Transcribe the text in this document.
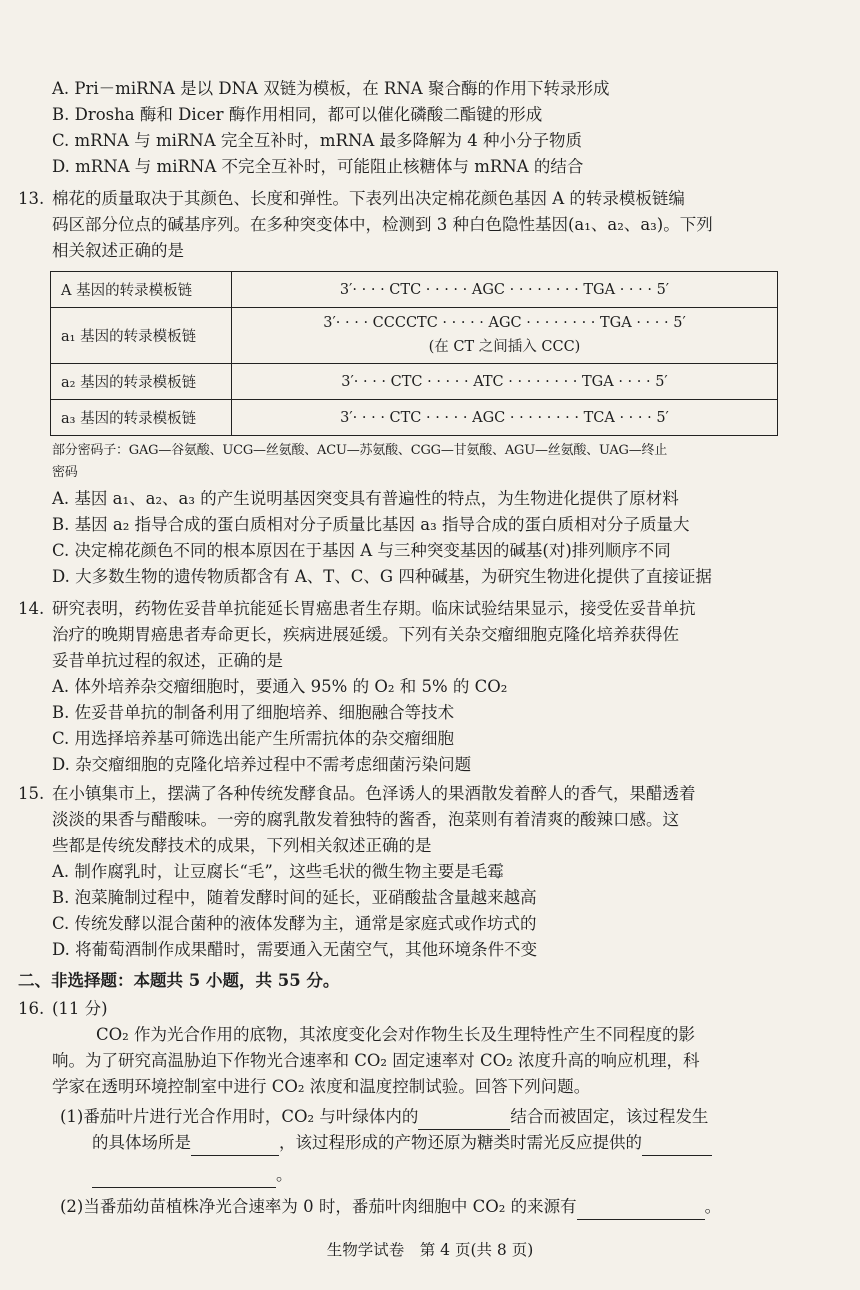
A. Pri－miRNA 是以 DNA 双链为模板，在 RNA 聚合酶的作用下转录形成
B. Drosha 酶和 Dicer 酶作用相同，都可以催化磷酸二酯键的形成
C. mRNA 与 miRNA 完全互补时，mRNA 最多降解为 4 种小分子物质
D. mRNA 与 miRNA 不完全互补时，可能阻止核糖体与 mRNA 的结合
13. 棉花的质量取决于其颜色、长度和弹性。下表列出决定棉花颜色基因 A 的转录模板链编
码区部分位点的碱基序列。在多种突变体中，检测到 3 种白色隐性基因(a₁、a₂、a₃)。下列
相关叙述正确的是
A 基因的转录模板链	3′· · · · CTC · · · · · AGC · · · · · · · · TGA · · · · 5′
a₁ 基因的转录模板链	3′· · · · CCCCTC · · · · · AGC · · · · · · · · TGA · · · · 5′
(在 CT 之间插入 CCC)

a₂ 基因的转录模板链	3′· · · · CTC · · · · · ATC · · · · · · · · TGA · · · · 5′
a₃ 基因的转录模板链	3′· · · · CTC · · · · · AGC · · · · · · · · TCA · · · · 5′
部分密码子：GAG—谷氨酸、UCG—丝氨酸、ACU—苏氨酸、CGG—甘氨酸、AGU—丝氨酸、UAG—终止
密码
A. 基因 a₁、a₂、a₃ 的产生说明基因突变具有普遍性的特点，为生物进化提供了原材料
B. 基因 a₂ 指导合成的蛋白质相对分子质量比基因 a₃ 指导合成的蛋白质相对分子质量大
C. 决定棉花颜色不同的根本原因在于基因 A 与三种突变基因的碱基(对)排列顺序不同
D. 大多数生物的遗传物质都含有 A、T、C、G 四种碱基，为研究生物进化提供了直接证据
14. 研究表明，药物佐妥昔单抗能延长胃癌患者生存期。临床试验结果显示，接受佐妥昔单抗
治疗的晚期胃癌患者寿命更长，疾病进展延缓。下列有关杂交瘤细胞克隆化培养获得佐
妥昔单抗过程的叙述，正确的是
A. 体外培养杂交瘤细胞时，要通入 95% 的 O₂ 和 5% 的 CO₂
B. 佐妥昔单抗的制备利用了细胞培养、细胞融合等技术
C. 用选择培养基可筛选出能产生所需抗体的杂交瘤细胞
D. 杂交瘤细胞的克隆化培养过程中不需考虑细菌污染问题
15. 在小镇集市上，摆满了各种传统发酵食品。色泽诱人的果酒散发着醉人的香气，果醋透着
淡淡的果香与醋酸味。一旁的腐乳散发着独特的酱香，泡菜则有着清爽的酸辣口感。这
些都是传统发酵技术的成果，下列相关叙述正确的是
A. 制作腐乳时，让豆腐长“毛”，这些毛状的微生物主要是毛霉
B. 泡菜腌制过程中，随着发酵时间的延长，亚硝酸盐含量越来越高
C. 传统发酵以混合菌种的液体发酵为主，通常是家庭式或作坊式的
D. 将葡萄酒制作成果醋时，需要通入无菌空气，其他环境条件不变
二、非选择题：本题共 5 小题，共 55 分。
16. (11 分)
CO₂ 作为光合作用的底物，其浓度变化会对作物生长及生理特性产生不同程度的影
响。为了研究高温胁迫下作物光合速率和 CO₂ 固定速率对 CO₂ 浓度升高的响应机理，科
学家在透明环境控制室中进行 CO₂ 浓度和温度控制试验。回答下列问题。
(1)番茄叶片进行光合作用时，CO₂ 与叶绿体内的	结合而被固定，该过程发生
的具体场所是	，该过程形成的产物还原为糖类时需光反应提供的
。
(2)当番茄幼苗植株净光合速率为 0 时，番茄叶肉细胞中 CO₂ 的来源有	。
生物学试卷　第 4 页(共 8 页)
